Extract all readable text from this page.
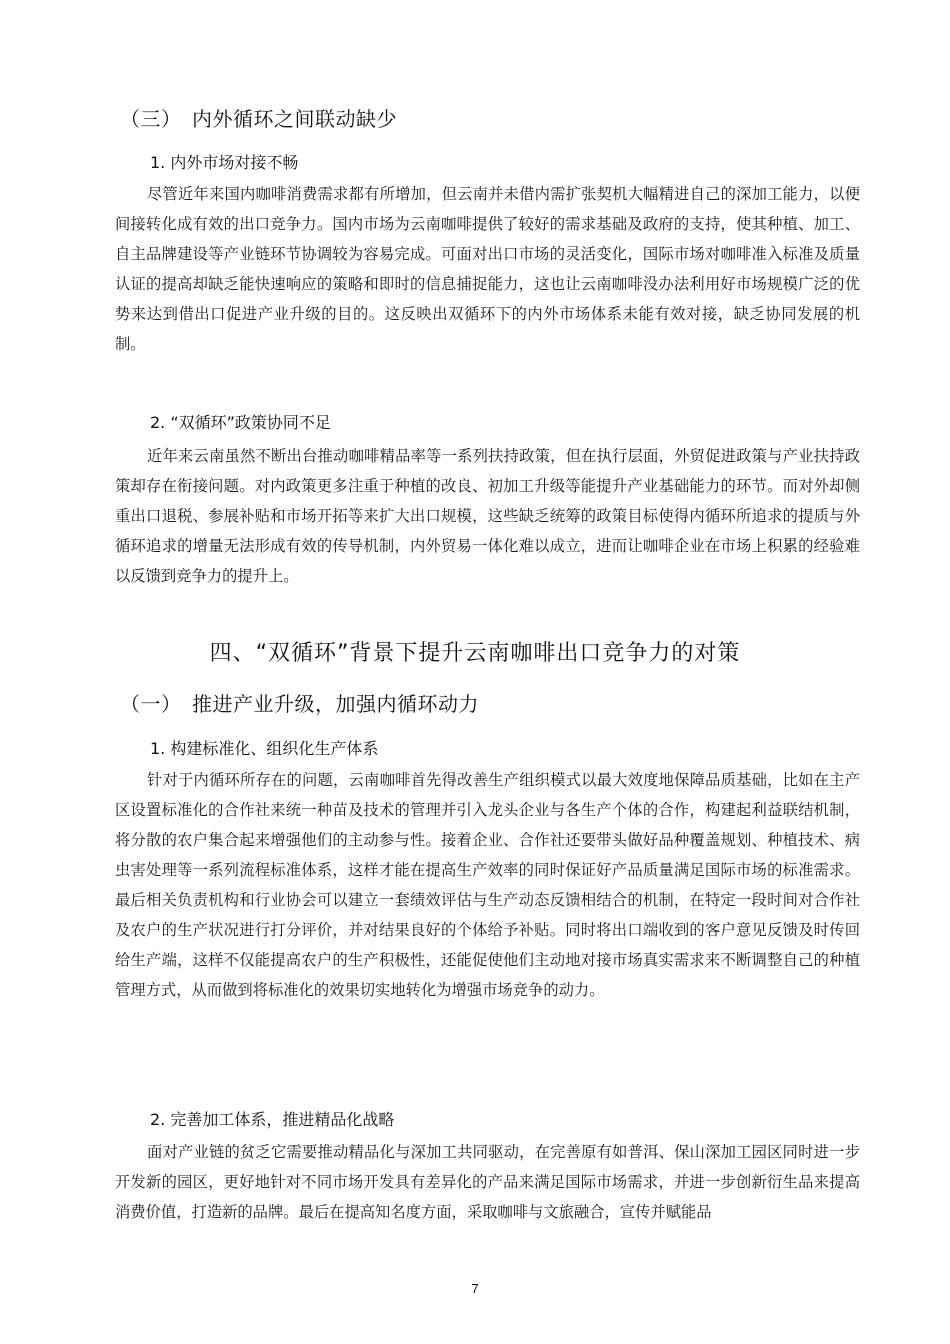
（三） 内外循环之间联动缺少
1. 内外市场对接不畅
尽管近年来国内咖啡消费需求都有所增加，但云南并未借内需扩张契机大幅精进自己的深加工能力，以便间接转化成有效的出口竞争力。国内市场为云南咖啡提供了较好的需求基础及政府的支持，使其种植、加工、自主品牌建设等产业链环节协调较为容易完成。可面对出口市场的灵活变化，国际市场对咖啡准入标准及质量认证的提高却缺乏能快速响应的策略和即时的信息捕捉能力，这也让云南咖啡没办法利用好市场规模广泛的优势来达到借出口促进产业升级的目的。这反映出双循环下的内外市场体系未能有效对接，缺乏协同发展的机制。
2. “双循环”政策协同不足
近年来云南虽然不断出台推动咖啡精品率等一系列扶持政策，但在执行层面，外贸促进政策与产业扶持政策却存在衔接问题。对内政策更多注重于种植的改良、初加工升级等能提升产业基础能力的环节。而对外却侧重出口退税、参展补贴和市场开拓等来扩大出口规模，这些缺乏统筹的政策目标使得内循环所追求的提质与外循环追求的增量无法形成有效的传导机制，内外贸易一体化难以成立，进而让咖啡企业在市场上积累的经验难以反馈到竞争力的提升上。
四、“双循环”背景下提升云南咖啡出口竞争力的对策
（一） 推进产业升级，加强内循环动力
1. 构建标准化、组织化生产体系
针对于内循环所存在的问题，云南咖啡首先得改善生产组织模式以最大效度地保障品质基础，比如在主产区设置标准化的合作社来统一种苗及技术的管理并引入龙头企业与各生产个体的合作，构建起利益联结机制，将分散的农户集合起来增强他们的主动参与性。接着企业、合作社还要带头做好品种覆盖规划、种植技术、病虫害处理等一系列流程标准体系，这样才能在提高生产效率的同时保证好产品质量满足国际市场的标准需求。最后相关负责机构和行业协会可以建立一套绩效评估与生产动态反馈相结合的机制，在特定一段时间对合作社及农户的生产状况进行打分评价，并对结果良好的个体给予补贴。同时将出口端收到的客户意见反馈及时传回给生产端，这样不仅能提高农户的生产积极性，还能促使他们主动地对接市场真实需求来不断调整自己的种植管理方式，从而做到将标准化的效果切实地转化为增强市场竞争的动力。
2. 完善加工体系，推进精品化战略
面对产业链的贫乏它需要推动精品化与深加工共同驱动，在完善原有如普洱、保山深加工园区同时进一步开发新的园区，更好地针对不同市场开发具有差异化的产品来满足国际市场需求，并进一步创新衍生品来提高消费价值，打造新的品牌。最后在提高知名度方面，采取咖啡与文旅融合，宣传并赋能品
7
